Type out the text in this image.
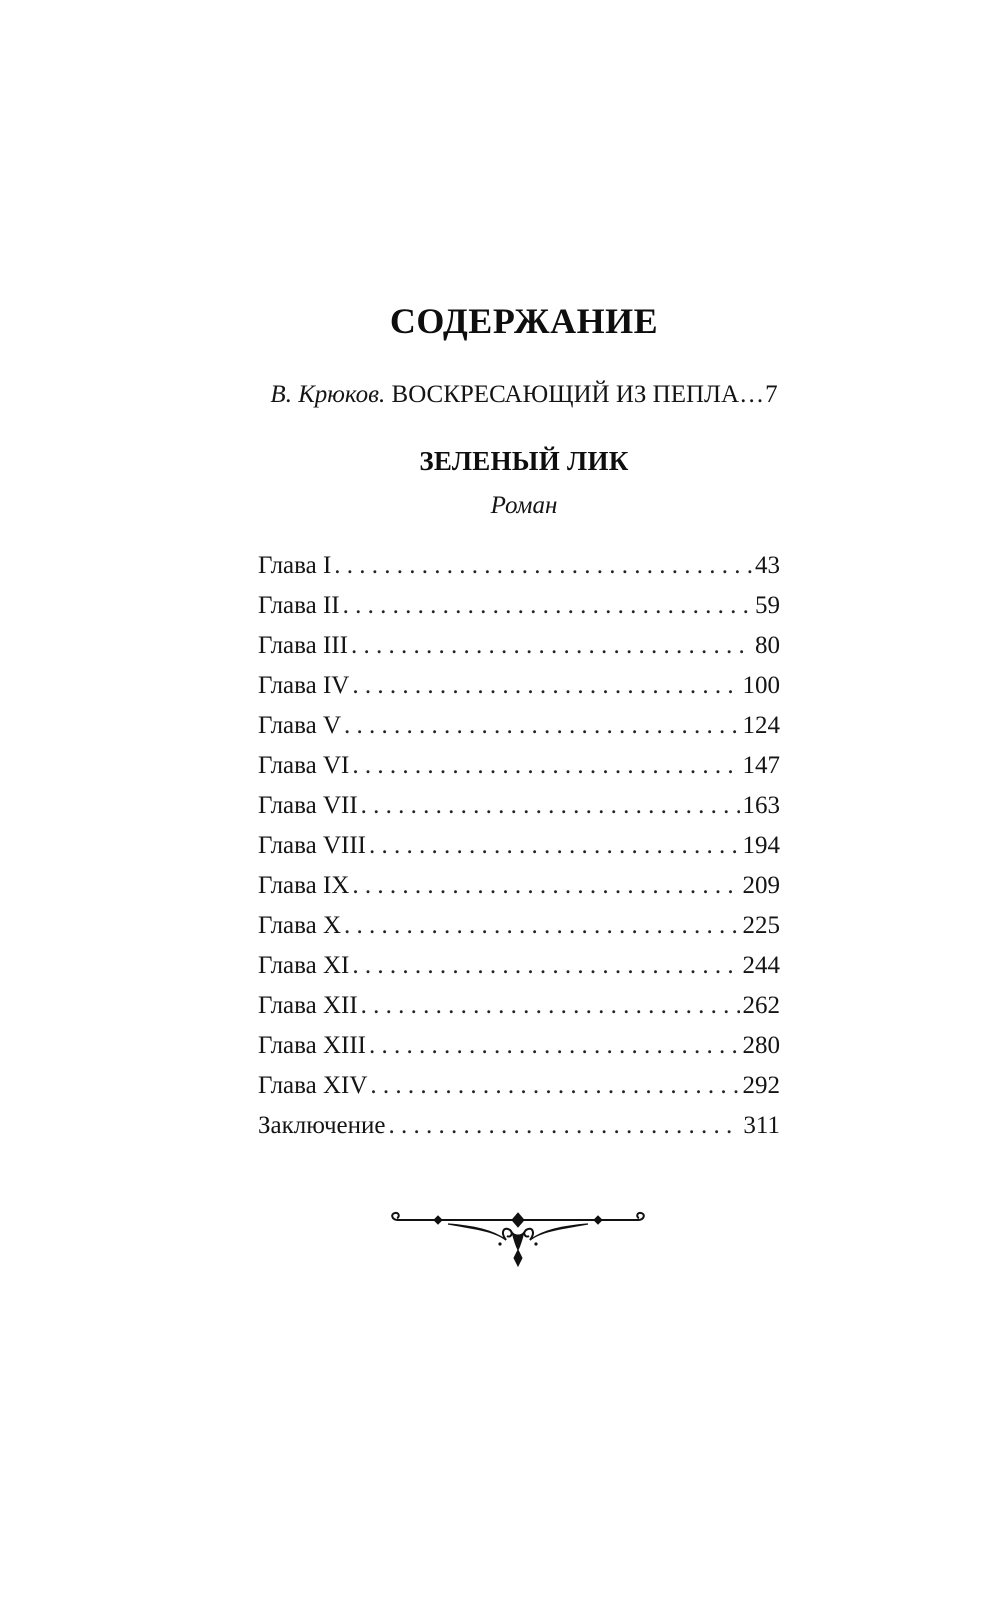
СОДЕРЖАНИЕ
В. Крюков. ВОСКРЕСАЮЩИЙ ИЗ ПЕПЛА…7
ЗЕЛЕНЫЙ ЛИК
Роман
Глава I . . .	43
Глава II . . .	59
Глава III . . .	80
Глава IV . . .	100
Глава V . . .	124
Глава VI . . .	147
Глава VII . . .	163
Глава VIII . . .	194
Глава IX . . .	209
Глава X . . .	225
Глава XI . . .	244
Глава XII . . .	262
Глава XIII . . .	280
Глава XIV . . .	292
Заключение . . .	311
